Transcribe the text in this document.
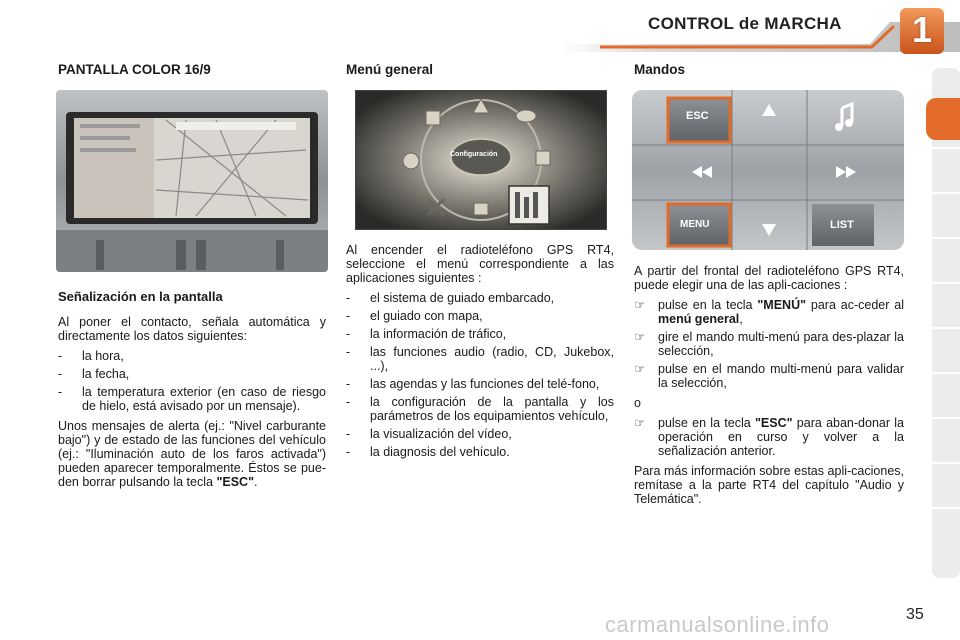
CONTROL de MARCHA 1
PANTALLA COLOR 16/9
Señalización en la pantalla

Al poner el contacto, señala automática y directamente los datos siguientes:

-	la hora,
-	la fecha,
-	la temperatura exterior (en caso de riesgo de hielo, está avisado por un mensaje).

Unos mensajes de alerta (ej.: "Nivel carburante bajo") y de estado de las funciones del vehículo (ej.: "Iluminación auto de los faros activada") pueden aparecer temporalmente. Éstos se pue-den borrar pulsando la tecla "ESC".

Menú general
Configuración

Al encender el radioteléfono GPS RT4, seleccione el menú correspondiente a las aplicaciones siguientes :

-	el sistema de guiado embarcado,
-	el guiado con mapa,
-	la información de tráfico,
-	las funciones audio (radio, CD, Jukebox, ...),
-	las agendas y las funciones del telé-fono,
-	la configuración de la pantalla y los parámetros de los equipamientos vehículo,
-	la visualización del vídeo,
-	la diagnosis del vehículo.
Mandos
ESC
MENU	LIST

A partir del frontal del radioteléfono GPS RT4, puede elegir una de las apli-caciones :

☞	pulse en la tecla "MENÚ" para ac-ceder al menú general,
☞	gire el mando multi-menú para des-plazar la selección,
☞	pulse en el mando multi-menú para validar la selección,

o

☞	pulse en la tecla "ESC" para aban-donar la operación en curso y volver a la señalización anterior.

Para más información sobre estas apli-caciones, remítase a la parte RT4 del capítulo "Audio y Telemática".

35
carmanualsonline.info
